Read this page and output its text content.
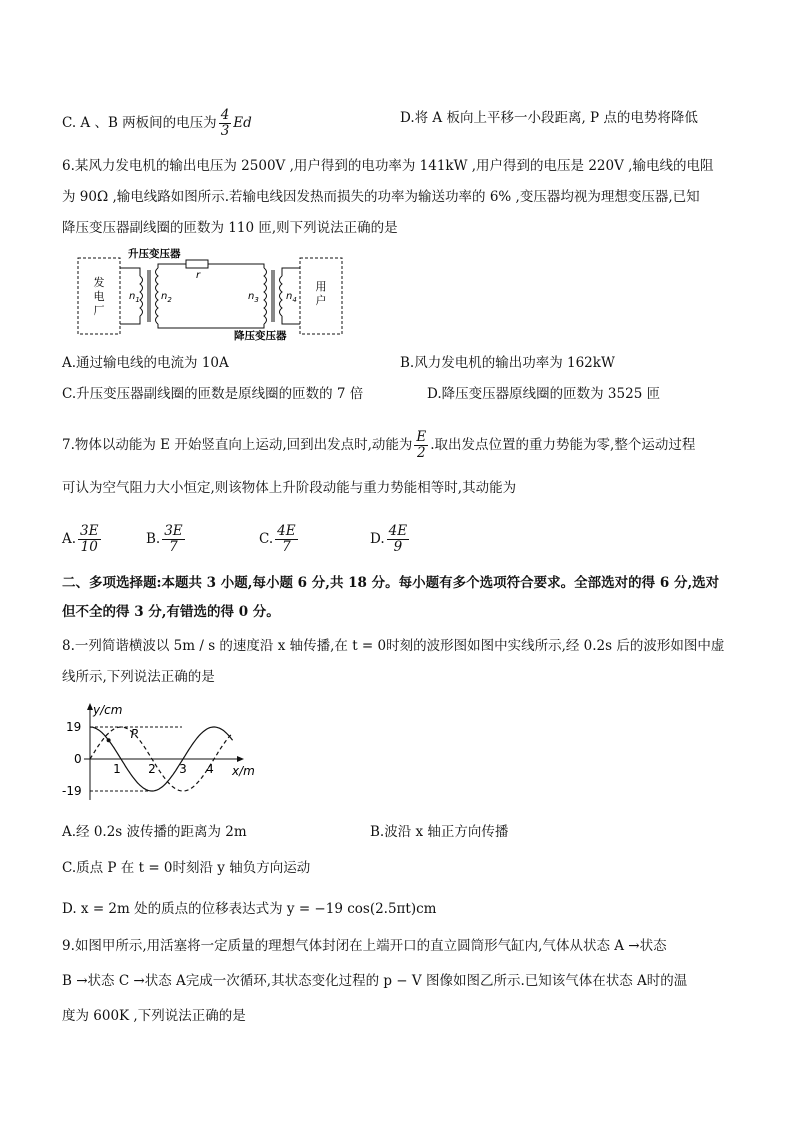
C. A 、B 两板间的电压为 $\frac{4}{3}$ Ed	D.将 A 板向上平移一小段距离, P 点的电势将降低
6.某风力发电机的输出电压为 2500V ,用户得到的电功率为 141kW ,用户得到的电压是 220V ,输电线的电阻
为 90Ω ,输电线路如图所示.若输电线因发热而损失的功率为输送功率的 6% ,变压器均视为理想变压器,已知
降压变压器副线圈的匝数为 110 匝,则下列说法正确的是
发
电
厂
用
户
r
升压变压器
降压变压器
$n_1$ $n_2$	$n_3$	$n_4$
A.通过输电线的电流为 10A	B.风力发电机的输出功率为 162kW
C.升压变压器副线圈的匝数是原线圈的匝数的 7 倍	D.降压变压器原线圈的匝数为 3525 匝
7.物体以动能为 E 开始竖直向上运动,回到出发点时,动能为 $\frac{E}{2}$ .取出发点位置的重力势能为零,整个运动过程
可认为空气阻力大小恒定,则该物体上升阶段动能与重力势能相等时,其动能为
A. $\frac{3E}{10}$	B. $\frac{3E}{7}$	C. $\frac{4E}{7}$	D. $\frac{4E}{9}$
二、多项选择题:本题共 3 小题,每小题 6 分,共 18 分。每小题有多个选项符合要求。全部选对的得 6 分,选对
但不全的得 3 分,有错选的得 0 分。
8.一列简谐横波以 5m / s 的速度沿 x 轴传播,在 t = 0时刻的波形图如图中实线所示,经 0.2s 后的波形如图中虚
线所示,下列说法正确的是
y/cm
x/m
19
-19
0
1 2 3 4
P
A.经 0.2s 波传播的距离为 2m	B.波沿 x 轴正方向传播
C.质点 P 在 t = 0时刻沿 y 轴负方向运动
D. x = 2m 处的质点的位移表达式为 y = −19 cos(2.5πt)cm
9.如图甲所示,用活塞将一定质量的理想气体封闭在上端开口的直立圆筒形气缸内,气体从状态 A →状态
B →状态 C →状态 A完成一次循环,其状态变化过程的 p − V 图像如图乙所示.已知该气体在状态 A时的温
度为 600K ,下列说法正确的是
